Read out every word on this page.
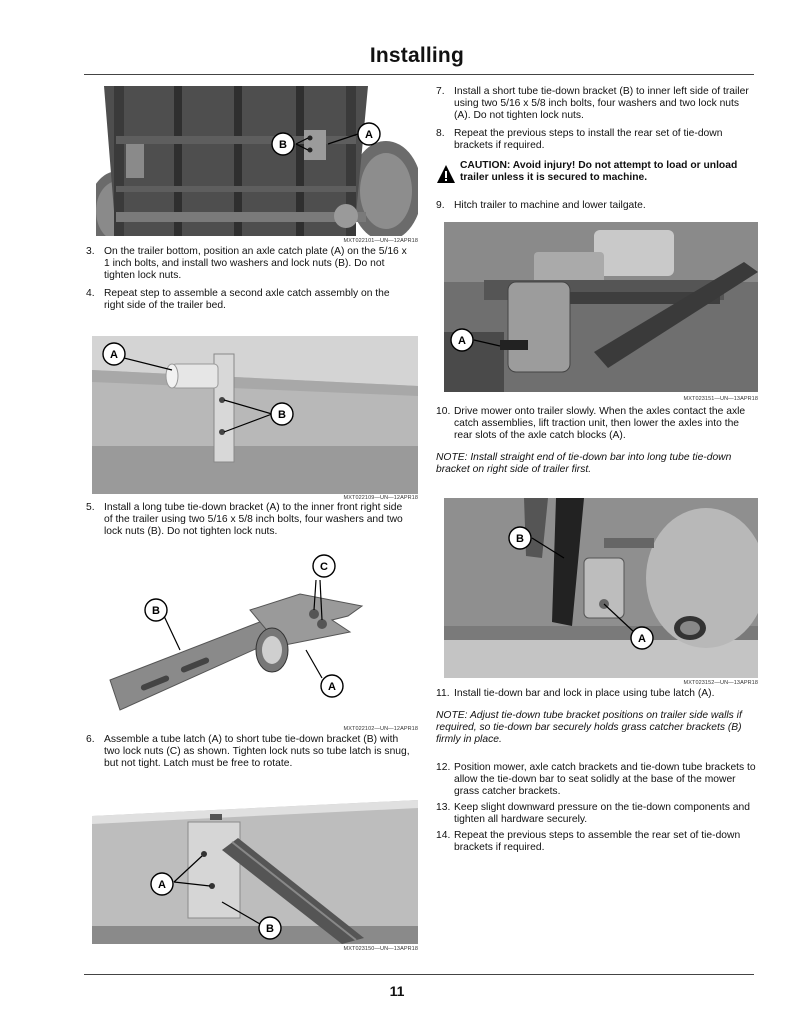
Installing
B
A
MXT022101—UN—12APR18
3. On the trailer bottom, position an axle catch plate (A) on the 5/16 x 1 inch bolts, and install two washers and lock nuts (B). Do not tighten lock nuts.
4. Repeat step to assemble a second axle catch assembly on the right side of the trailer bed.
A
B
MXT022109—UN—12APR18
5. Install a long tube tie-down bracket (A) to the inner front right side of the trailer using two 5/16 x 5/8 inch bolts, four washers and two lock nuts (B). Do not tighten lock nuts.
C
B
A
MXT022102—UN—12APR18
6. Assemble a tube latch (A) to short tube tie-down bracket (B) with two lock nuts (C) as shown. Tighten lock nuts so tube latch is snug, but not tight. Latch must be free to rotate.
A
B
MXT023150—UN—13APR18
7. Install a short tube tie-down bracket (B) to inner left side of trailer using two 5/16 x 5/8 inch bolts, four washers and two lock nuts (A). Do not tighten lock nuts.
8. Repeat the previous steps to install the rear set of tie-down brackets if required.
CAUTION: Avoid injury! Do not attempt to load or unload trailer unless it is secured to machine.
9. Hitch trailer to machine and lower tailgate.
A
MXT023151—UN—13APR18
10. Drive mower onto trailer slowly. When the axles contact the axle catch assemblies, lift traction unit, then lower the axles into the rear slots of the axle catch blocks (A).
NOTE: Install straight end of tie-down bar into long tube tie-down bracket on right side of trailer first.
B
A
MXT023152—UN—13APR18
11. Install tie-down bar and lock in place using tube latch (A).
NOTE: Adjust tie-down tube bracket positions on trailer side walls if required, so tie-down bar securely holds grass catcher brackets (B) firmly in place.
12. Position mower, axle catch brackets and tie-down tube brackets to allow the tie-down bar to seat solidly at the base of the mower grass catcher brackets.
13. Keep slight downward pressure on the tie-down components and tighten all hardware securely.
14. Repeat the previous steps to assemble the rear set of tie-down brackets if required.
11
